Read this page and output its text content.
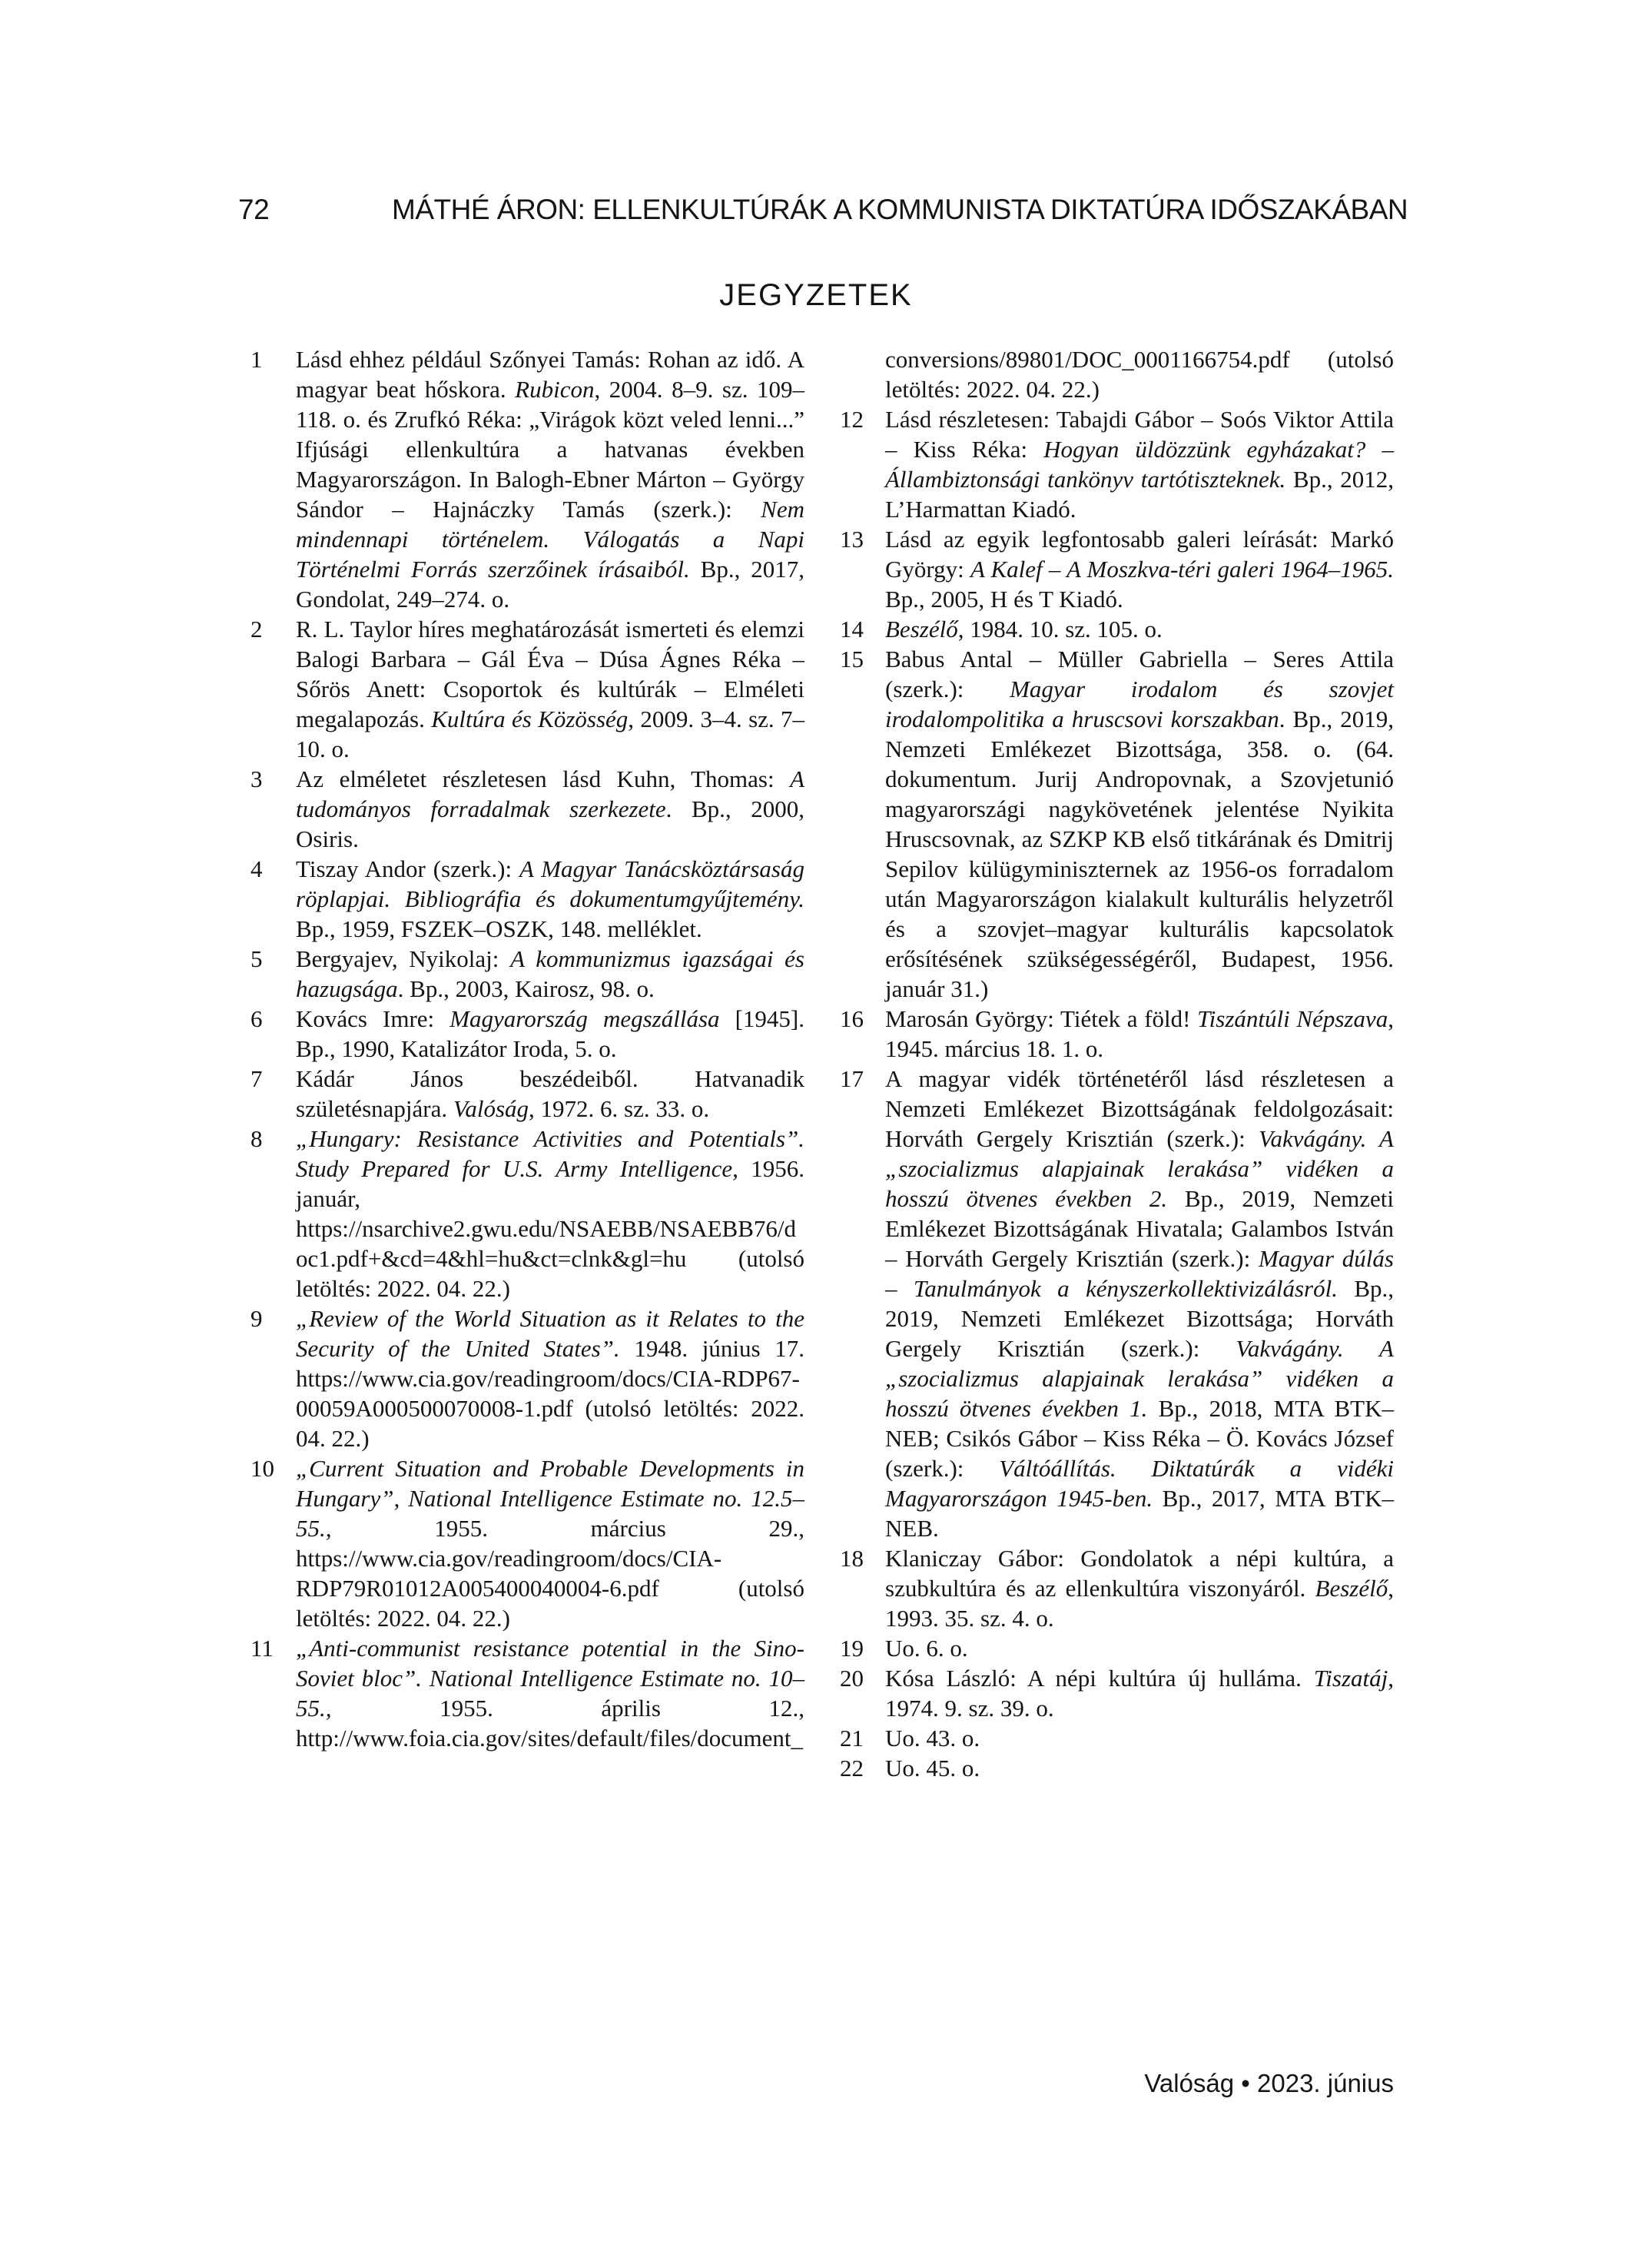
72	MÁTHÉ ÁRON: ELLENKULTÚRÁK A KOMMUNISTA DIKTATÚRA IDŐSZAKÁBAN
JEGYZETEK
1	Lásd ehhez például Szőnyei Tamás: Rohan az idő. A magyar beat hőskora. Rubicon, 2004. 8–9. sz. 109–118. o. és Zrufkó Réka: „Virágok közt veled lenni...” Ifjúsági ellenkultúra a hatvanas években Magyarországon. In Balogh-Ebner Márton – György Sándor – Hajnáczky Tamás (szerk.): Nem mindennapi történelem. Válogatás a Napi Történelmi Forrás szerzőinek írásaiból. Bp., 2017, Gondolat, 249–274. o.
2	R. L. Taylor híres meghatározását ismerteti és elemzi Balogi Barbara – Gál Éva – Dúsa Ágnes Réka – Sőrös Anett: Csoportok és kultúrák – Elméleti megalapozás. Kultúra és Közösség, 2009. 3–4. sz. 7–10. o.
3	Az elméletet részletesen lásd Kuhn, Thomas: A tudományos forradalmak szerkezete. Bp., 2000, Osiris.
4	Tiszay Andor (szerk.): A Magyar Tanácsköztársaság röplapjai. Bibliográfia és dokumentumgyűjtemény. Bp., 1959, FSZEK–OSZK, 148. melléklet.
5	Bergyajev, Nyikolaj: A kommunizmus igazságai és hazugsága. Bp., 2003, Kairosz, 98. o.
6	Kovács Imre: Magyarország megszállása [1945]. Bp., 1990, Katalizátor Iroda, 5. o.
7	Kádár János beszédeiből. Hatvanadik születésnapjára. Valóság, 1972. 6. sz. 33. o.
8	„Hungary: Resistance Activities and Potentials”. Study Prepared for U.S. Army Intelligence, 1956. január, https://nsarchive2.gwu.edu/NSAEBB/NSAEBB76/doc1.pdf+&cd=4&hl=hu&ct=clnk&gl=hu (utolsó letöltés: 2022. 04. 22.)
9	„Review of the World Situation as it Relates to the Security of the United States”. 1948. június 17. https://www.cia.gov/readingroom/docs/CIA-RDP67-00059A000500070008-1.pdf (utolsó letöltés: 2022. 04. 22.)
10 „Current Situation and Probable Developments in Hungary”, National Intelligence Estimate no. 12.5–55., 1955. március 29., https://www.cia.gov/readingroom/docs/CIA-RDP79R01012A005400040004-6.pdf (utolsó letöltés: 2022. 04. 22.)
11 „Anti-communist resistance potential in the Sino-Soviet bloc”. National Intelligence Estimate no. 10–55., 1955. április 12., http://www.foia.cia.gov/sites/default/files/document_
conversions/89801/DOC_0001166754.pdf (utolsó letöltés: 2022. 04. 22.)
12 Lásd részletesen: Tabajdi Gábor – Soós Viktor Attila – Kiss Réka: Hogyan üldözzünk egyházakat? – Állambiztonsági tankönyv tartótiszteknek. Bp., 2012, L’Harmattan Kiadó.
13 Lásd az egyik legfontosabb galeri leírását: Markó György: A Kalef – A Moszkva-téri galeri 1964–1965. Bp., 2005, H és T Kiadó.
14 Beszélő, 1984. 10. sz. 105. o.
15 Babus Antal – Müller Gabriella – Seres Attila (szerk.): Magyar irodalom és szovjet irodalompolitika a hruscsovi korszakban. Bp., 2019, Nemzeti Emlékezet Bizottsága, 358. o. (64. dokumentum. Jurij Andropovnak, a Szovjetunió magyarországi nagykövetének jelentése Nyikita Hruscsovnak, az SZKP KB első titkárának és Dmitrij Sepilov külügyminiszternek az 1956-os forradalom után Magyarországon kialakult kulturális helyzetről és a szovjet–magyar kulturális kapcsolatok erősítésének szükségességéről, Budapest, 1956. január 31.)
16 Marosán György: Tiétek a föld! Tiszántúli Népszava, 1945. március 18. 1. o.
17 A magyar vidék történetéről lásd részletesen a Nemzeti Emlékezet Bizottságának feldolgozásait: Horváth Gergely Krisztián (szerk.): Vakvágány. A „szocializmus alapjainak lerakása” vidéken a hosszú ötvenes években 2. Bp., 2019, Nemzeti Emlékezet Bizottságának Hivatala; Galambos István – Horváth Gergely Krisztián (szerk.): Magyar dúlás – Tanulmányok a kényszerkollektivizálásról. Bp., 2019, Nemzeti Emlékezet Bizottsága; Horváth Gergely Krisztián (szerk.): Vakvágány. A „szocializmus alapjainak lerakása” vidéken a hosszú ötvenes években 1. Bp., 2018, MTA BTK–NEB; Csikós Gábor – Kiss Réka – Ö. Kovács József (szerk.): Váltóállítás. Diktatúrák a vidéki Magyarországon 1945-ben. Bp., 2017, MTA BTK–NEB.
18 Klaniczay Gábor: Gondolatok a népi kultúra, a szubkultúra és az ellenkultúra viszonyáról. Beszélő, 1993. 35. sz. 4. o.
19 Uo. 6. o.
20 Kósa László: A népi kultúra új hulláma. Tiszatáj, 1974. 9. sz. 39. o.
21 Uo. 43. o.
22 Uo. 45. o.
Valóság • 2023. június
